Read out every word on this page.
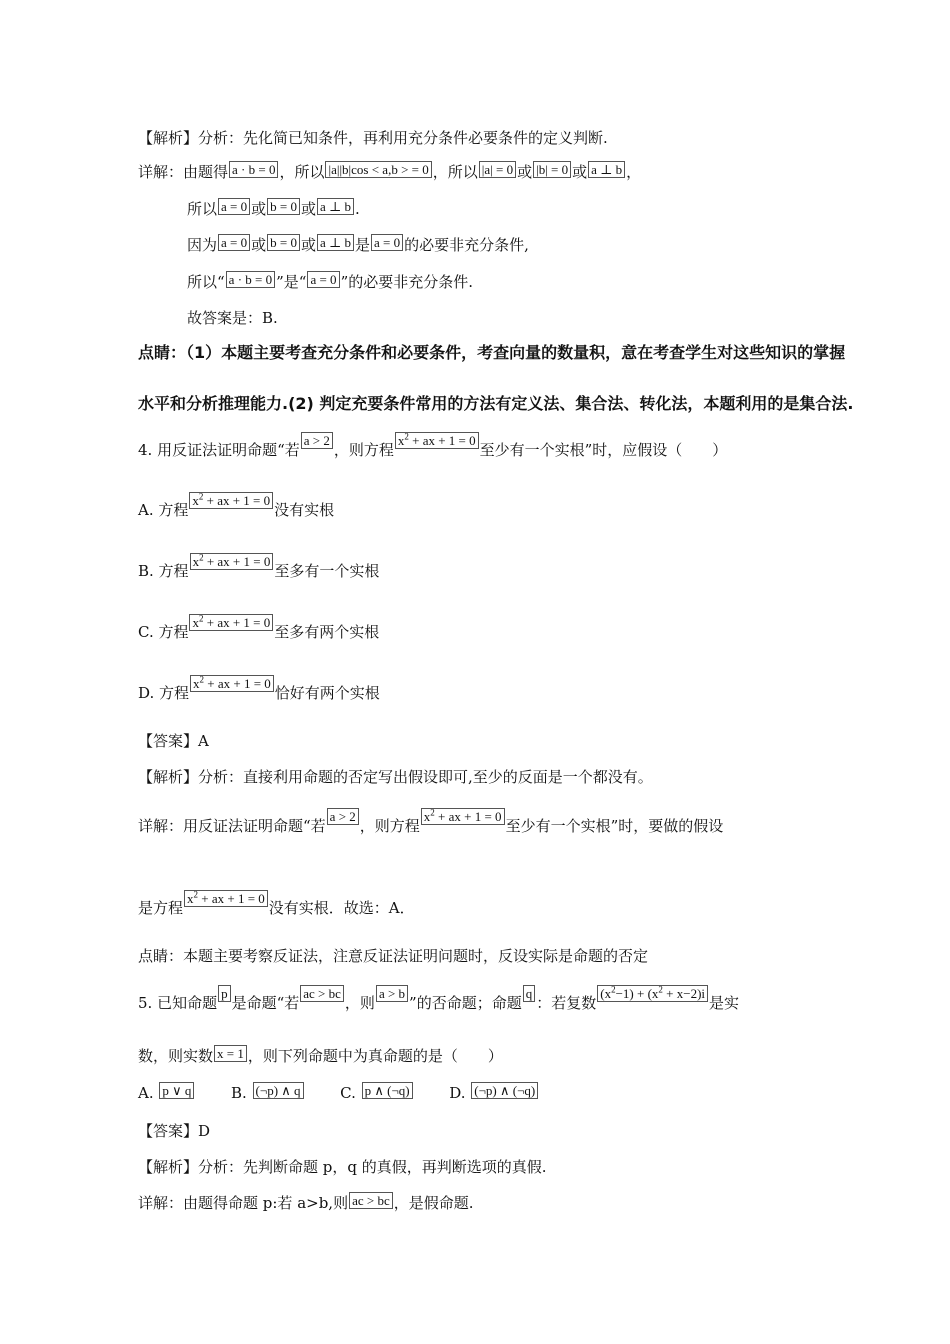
【解析】分析：先化简已知条件，再利用充分条件必要条件的定义判断.
详解：由题得 a · b = 0 ，所以 |a||b|cos < a,b > = 0 ，所以 |a| = 0 或 |b| = 0 或 a ⊥ b ，
所以 a = 0 或 b = 0 或 a ⊥ b .
因为 a = 0 或 b = 0 或 a ⊥ b 是 a = 0 的必要非充分条件,
所以“ a · b = 0 ”是“ a = 0 ”的必要非充分条件.
故答案是：B.
点睛：（1）本题主要考查充分条件和必要条件，考查向量的数量积，意在考查学生对这些知识的掌握
水平和分析推理能力.(2) 判定充要条件常用的方法有定义法、集合法、转化法，本题利用的是集合法.
4. 用反证法证明命题“若a > 2，则方程$x^2$ + ax + 1 = 0至少有一个实根”时，应假设（　　）
A. 方程$x^2$ + ax + 1 = 0没有实根
B. 方程$x^2$ + ax + 1 = 0至多有一个实根
C. 方程$x^2$ + ax + 1 = 0至多有两个实根
D. 方程$x^2$ + ax + 1 = 0恰好有两个实根
【答案】A
【解析】分析：直接利用命题的否定写出假设即可,至少的反面是一个都没有。
详解：用反证法证明命题“若a > 2，则方程$x^2$ + ax + 1 = 0至少有一个实根”时，要做的假设
是方程$x^2$ + ax + 1 = 0没有实根．故选：A．
点睛：本题主要考察反证法，注意反证法证明问题时，反设实际是命题的否定
5. 已知命题p是命题“若ac > bc，则a > b”的否命题；命题q：若复数$(x^2-1) + (x^2 + x-2)i$是实
数，则实数 x = 1 ，则下列命题中为真命题的是（　　）
A. p ∨ q	B. (¬p) ∧ q	C. p ∧ (¬q)	D. (¬p) ∧ (¬q)
【答案】D
【解析】分析：先判断命题 p，q 的真假，再判断选项的真假.
详解：由题得命题 p:若 a>b,则 ac > bc ，是假命题.
